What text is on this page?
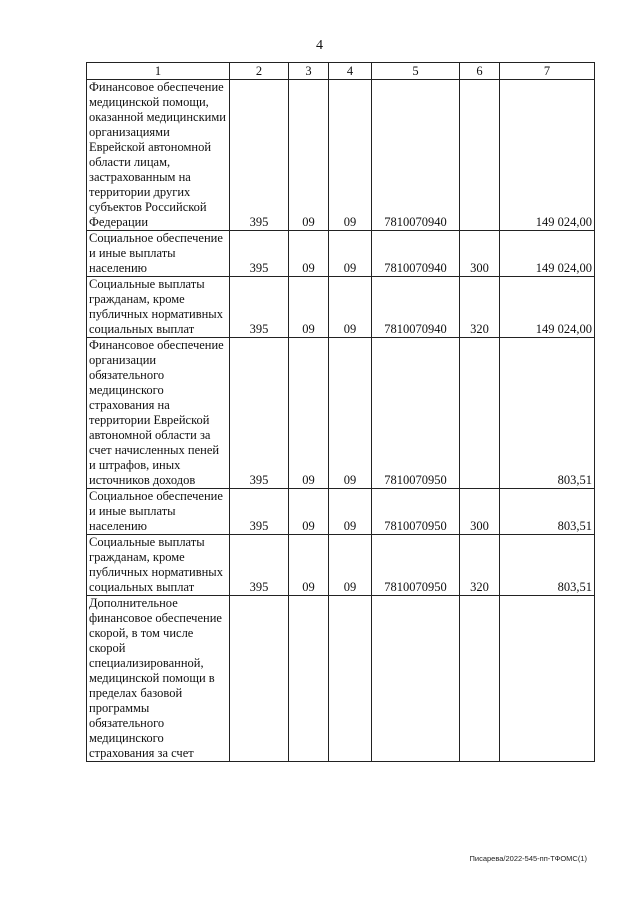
4
1	2	3	4	5	6	7
Финансовое обеспечение медицинской помощи, оказанной медицинскими организациями Еврейской автономной области лицам, застрахованным на территории других субъектов Российской Федерации	395	09	09	7810070940		149 024,00
Социальное обеспечение и иные выплаты населению	395	09	09	7810070940	300	149 024,00
Социальные выплаты гражданам, кроме публичных нормативных социальных выплат	395	09	09	7810070940	320	149 024,00
Финансовое обеспечение организации обязательного медицинского страхования на территории Еврейской автономной области за счет начисленных пеней и штрафов, иных источников доходов	395	09	09	7810070950		803,51
Социальное обеспечение и иные выплаты населению	395	09	09	7810070950	300	803,51
Социальные выплаты гражданам, кроме публичных нормативных социальных выплат	395	09	09	7810070950	320	803,51
Дополнительное финансовое обеспечение скорой, в том числе скорой специализированной, медицинской помощи в пределах базовой программы обязательного медицинского страхования за счет						
Писарева/2022-545-пп-ТФОМС(1)
